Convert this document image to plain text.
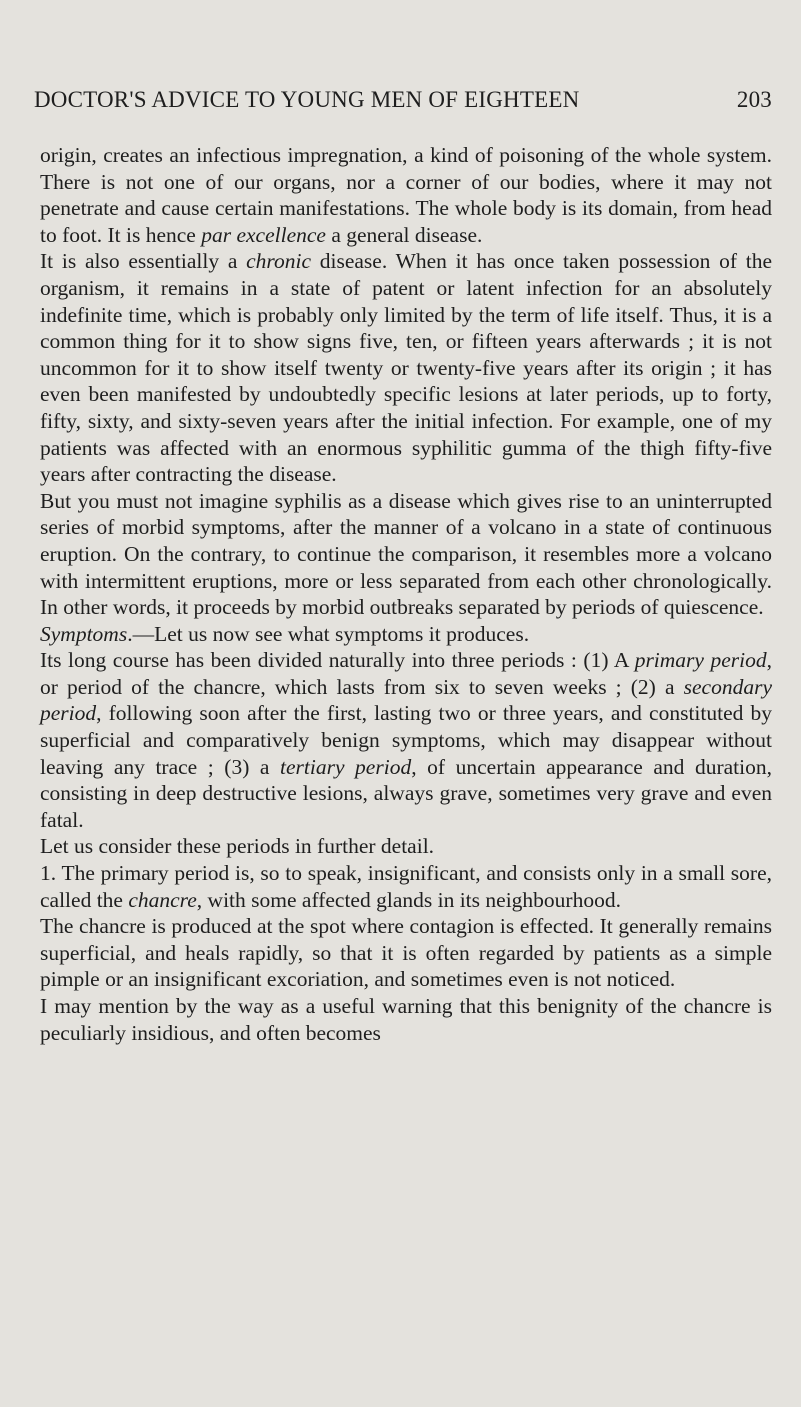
DOCTOR'S ADVICE TO YOUNG MEN OF EIGHTEEN	203

origin, creates an infectious impregnation, a kind of poisoning of the whole system. There is not one of our organs, nor a corner of our bodies, where it may not penetrate and cause certain manifestations. The whole body is its domain, from head to foot. It is hence par excellence a general disease.

It is also essentially a chronic disease. When it has once taken possession of the organism, it remains in a state of patent or latent infection for an absolutely indefinite time, which is probably only limited by the term of life itself. Thus, it is a common thing for it to show signs five, ten, or fifteen years afterwards ; it is not uncommon for it to show itself twenty or twenty-five years after its origin ; it has even been manifested by undoubtedly specific lesions at later periods, up to forty, fifty, sixty, and sixty-seven years after the initial infection. For example, one of my patients was affected with an enormous syphilitic gumma of the thigh fifty-five years after contracting the disease.

But you must not imagine syphilis as a disease which gives rise to an uninterrupted series of morbid symptoms, after the manner of a volcano in a state of continuous eruption. On the contrary, to continue the comparison, it resembles more a volcano with intermittent eruptions, more or less separated from each other chronologically. In other words, it proceeds by morbid outbreaks separated by periods of quiescence.

Symptoms.—Let us now see what symptoms it produces.

Its long course has been divided naturally into three periods : (1) A primary period, or period of the chancre, which lasts from six to seven weeks ; (2) a secondary period, following soon after the first, lasting two or three years, and constituted by superficial and comparatively benign symptoms, which may disappear without leaving any trace ; (3) a tertiary period, of uncertain appearance and duration, consisting in deep destructive lesions, always grave, sometimes very grave and even fatal.

Let us consider these periods in further detail.

1. The primary period is, so to speak, insignificant, and consists only in a small sore, called the chancre, with some affected glands in its neighbourhood.

The chancre is produced at the spot where contagion is effected. It generally remains superficial, and heals rapidly, so that it is often regarded by patients as a simple pimple or an insignificant excoriation, and sometimes even is not noticed.

I may mention by the way as a useful warning that this benignity of the chancre is peculiarly insidious, and often becomes
